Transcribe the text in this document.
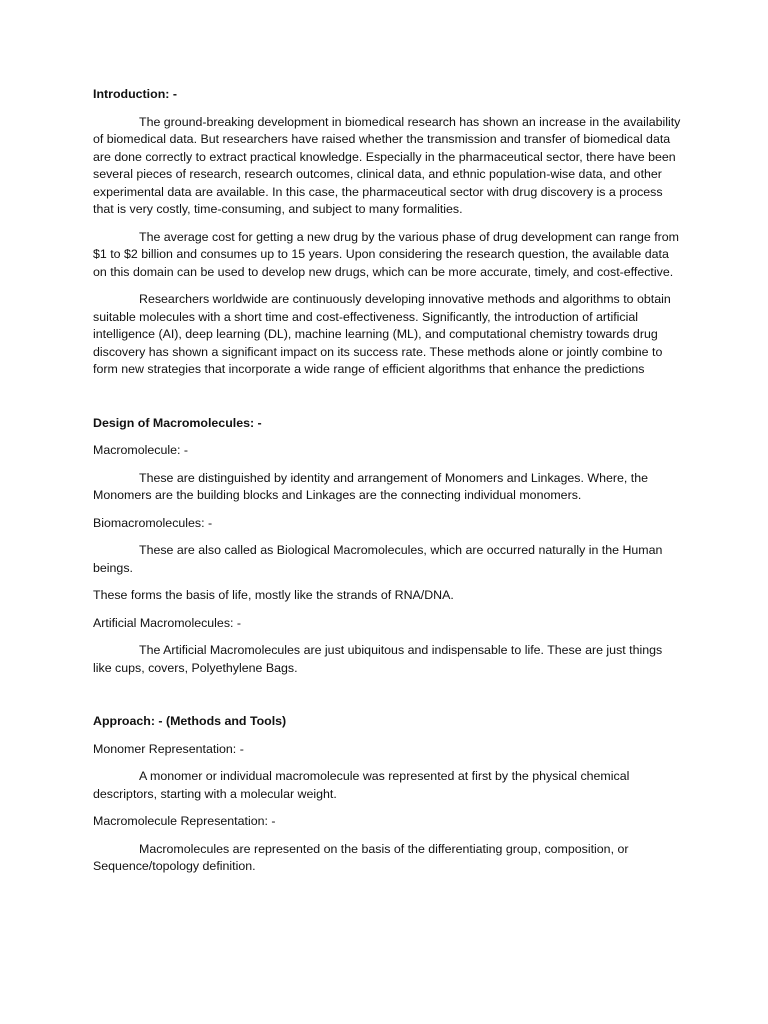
Introduction: -

The ground-breaking development in biomedical research has shown an increase in the availability of biomedical data. But researchers have raised whether the transmission and transfer of biomedical data are done correctly to extract practical knowledge. Especially in the pharmaceutical sector, there have been several pieces of research, research outcomes, clinical data, and ethnic population-wise data, and other experimental data are available. In this case, the pharmaceutical sector with drug discovery is a process that is very costly, time-consuming, and subject to many formalities.

The average cost for getting a new drug by the various phase of drug development can range from $1 to $2 billion and consumes up to 15 years. Upon considering the research question, the available data on this domain can be used to develop new drugs, which can be more accurate, timely, and cost-effective.

Researchers worldwide are continuously developing innovative methods and algorithms to obtain suitable molecules with a short time and cost-effectiveness. Significantly, the introduction of artificial intelligence (AI), deep learning (DL), machine learning (ML), and computational chemistry towards drug discovery has shown a significant impact on its success rate. These methods alone or jointly combine to form new strategies that incorporate a wide range of efficient algorithms that enhance the predictions

Design of Macromolecules: -

Macromolecule: -

These are distinguished by identity and arrangement of Monomers and Linkages. Where, the Monomers are the building blocks and Linkages are the connecting individual monomers.

Biomacromolecules: -

These are also called as Biological Macromolecules, which are occurred naturally in the Human beings.

These forms the basis of life, mostly like the strands of RNA/DNA.

Artificial Macromolecules: -

The Artificial Macromolecules are just ubiquitous and indispensable to life. These are just things like cups, covers, Polyethylene Bags.

Approach: - (Methods and Tools)

Monomer Representation: -

A monomer or individual macromolecule was represented at first by the physical chemical descriptors, starting with a molecular weight.

Macromolecule Representation: -

Macromolecules are represented on the basis of the differentiating group, composition, or Sequence/topology definition.
